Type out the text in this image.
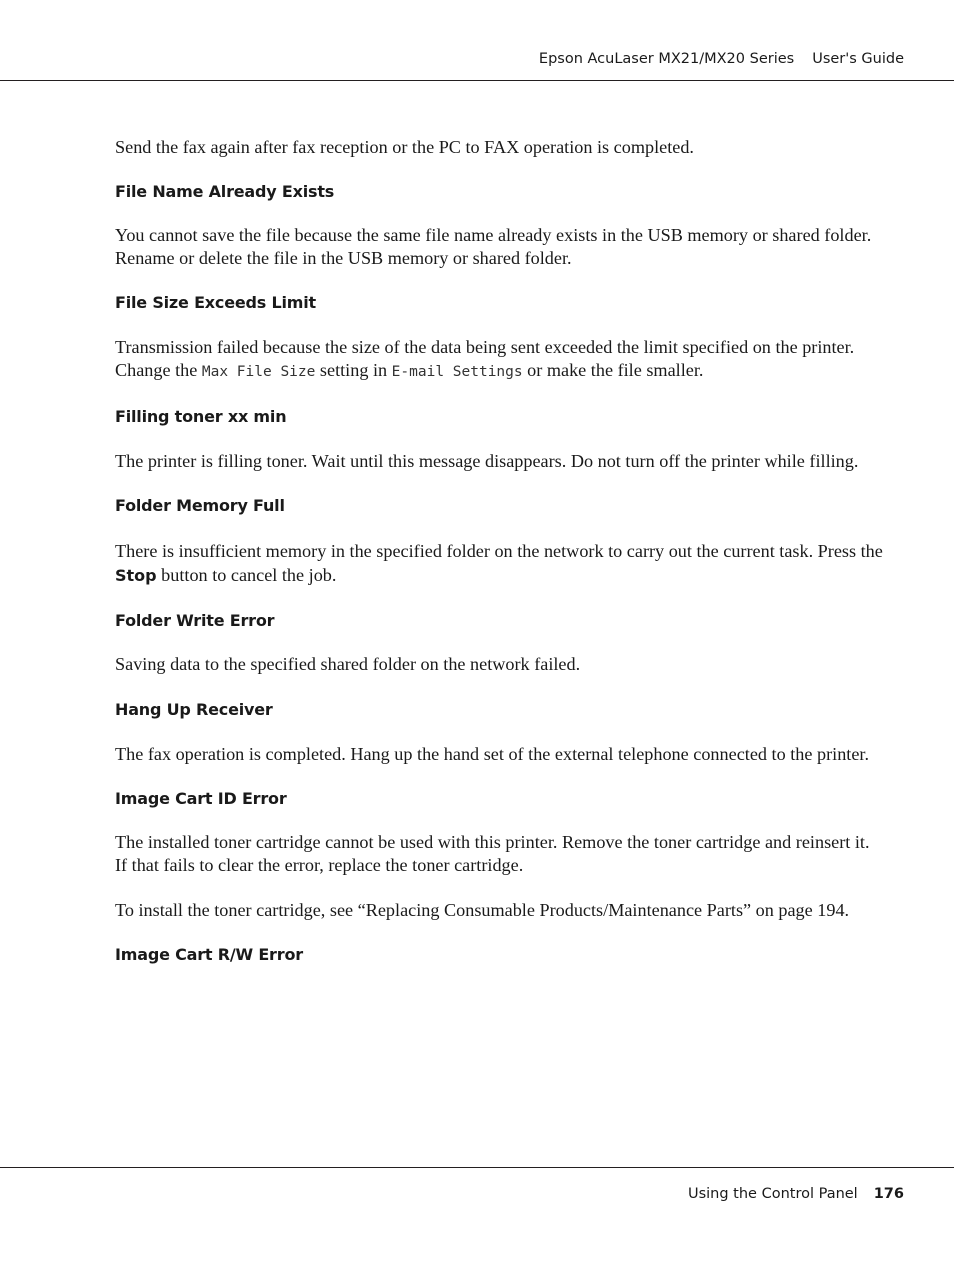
Epson AcuLaser MX21/MX20 Series User's Guide

Send the fax again after fax reception or the PC to FAX operation is completed.

File Name Already Exists

You cannot save the file because the same file name already exists in the USB memory or shared folder. Rename or delete the file in the USB memory or shared folder.

File Size Exceeds Limit

Transmission failed because the size of the data being sent exceeded the limit specified on the printer. Change the Max File Size setting in E-mail Settings or make the file smaller.

Filling toner xx min

The printer is filling toner. Wait until this message disappears. Do not turn off the printer while filling.

Folder Memory Full

There is insufficient memory in the specified folder on the network to carry out the current task. Press the Stop button to cancel the job.

Folder Write Error

Saving data to the specified shared folder on the network failed.

Hang Up Receiver

The fax operation is completed. Hang up the hand set of the external telephone connected to the printer.

Image Cart ID Error

The installed toner cartridge cannot be used with this printer. Remove the toner cartridge and reinsert it. If that fails to clear the error, replace the toner cartridge.

To install the toner cartridge, see “Replacing Consumable Products/Maintenance Parts” on page 194.

Image Cart R/W Error
Using the Control Panel 176
